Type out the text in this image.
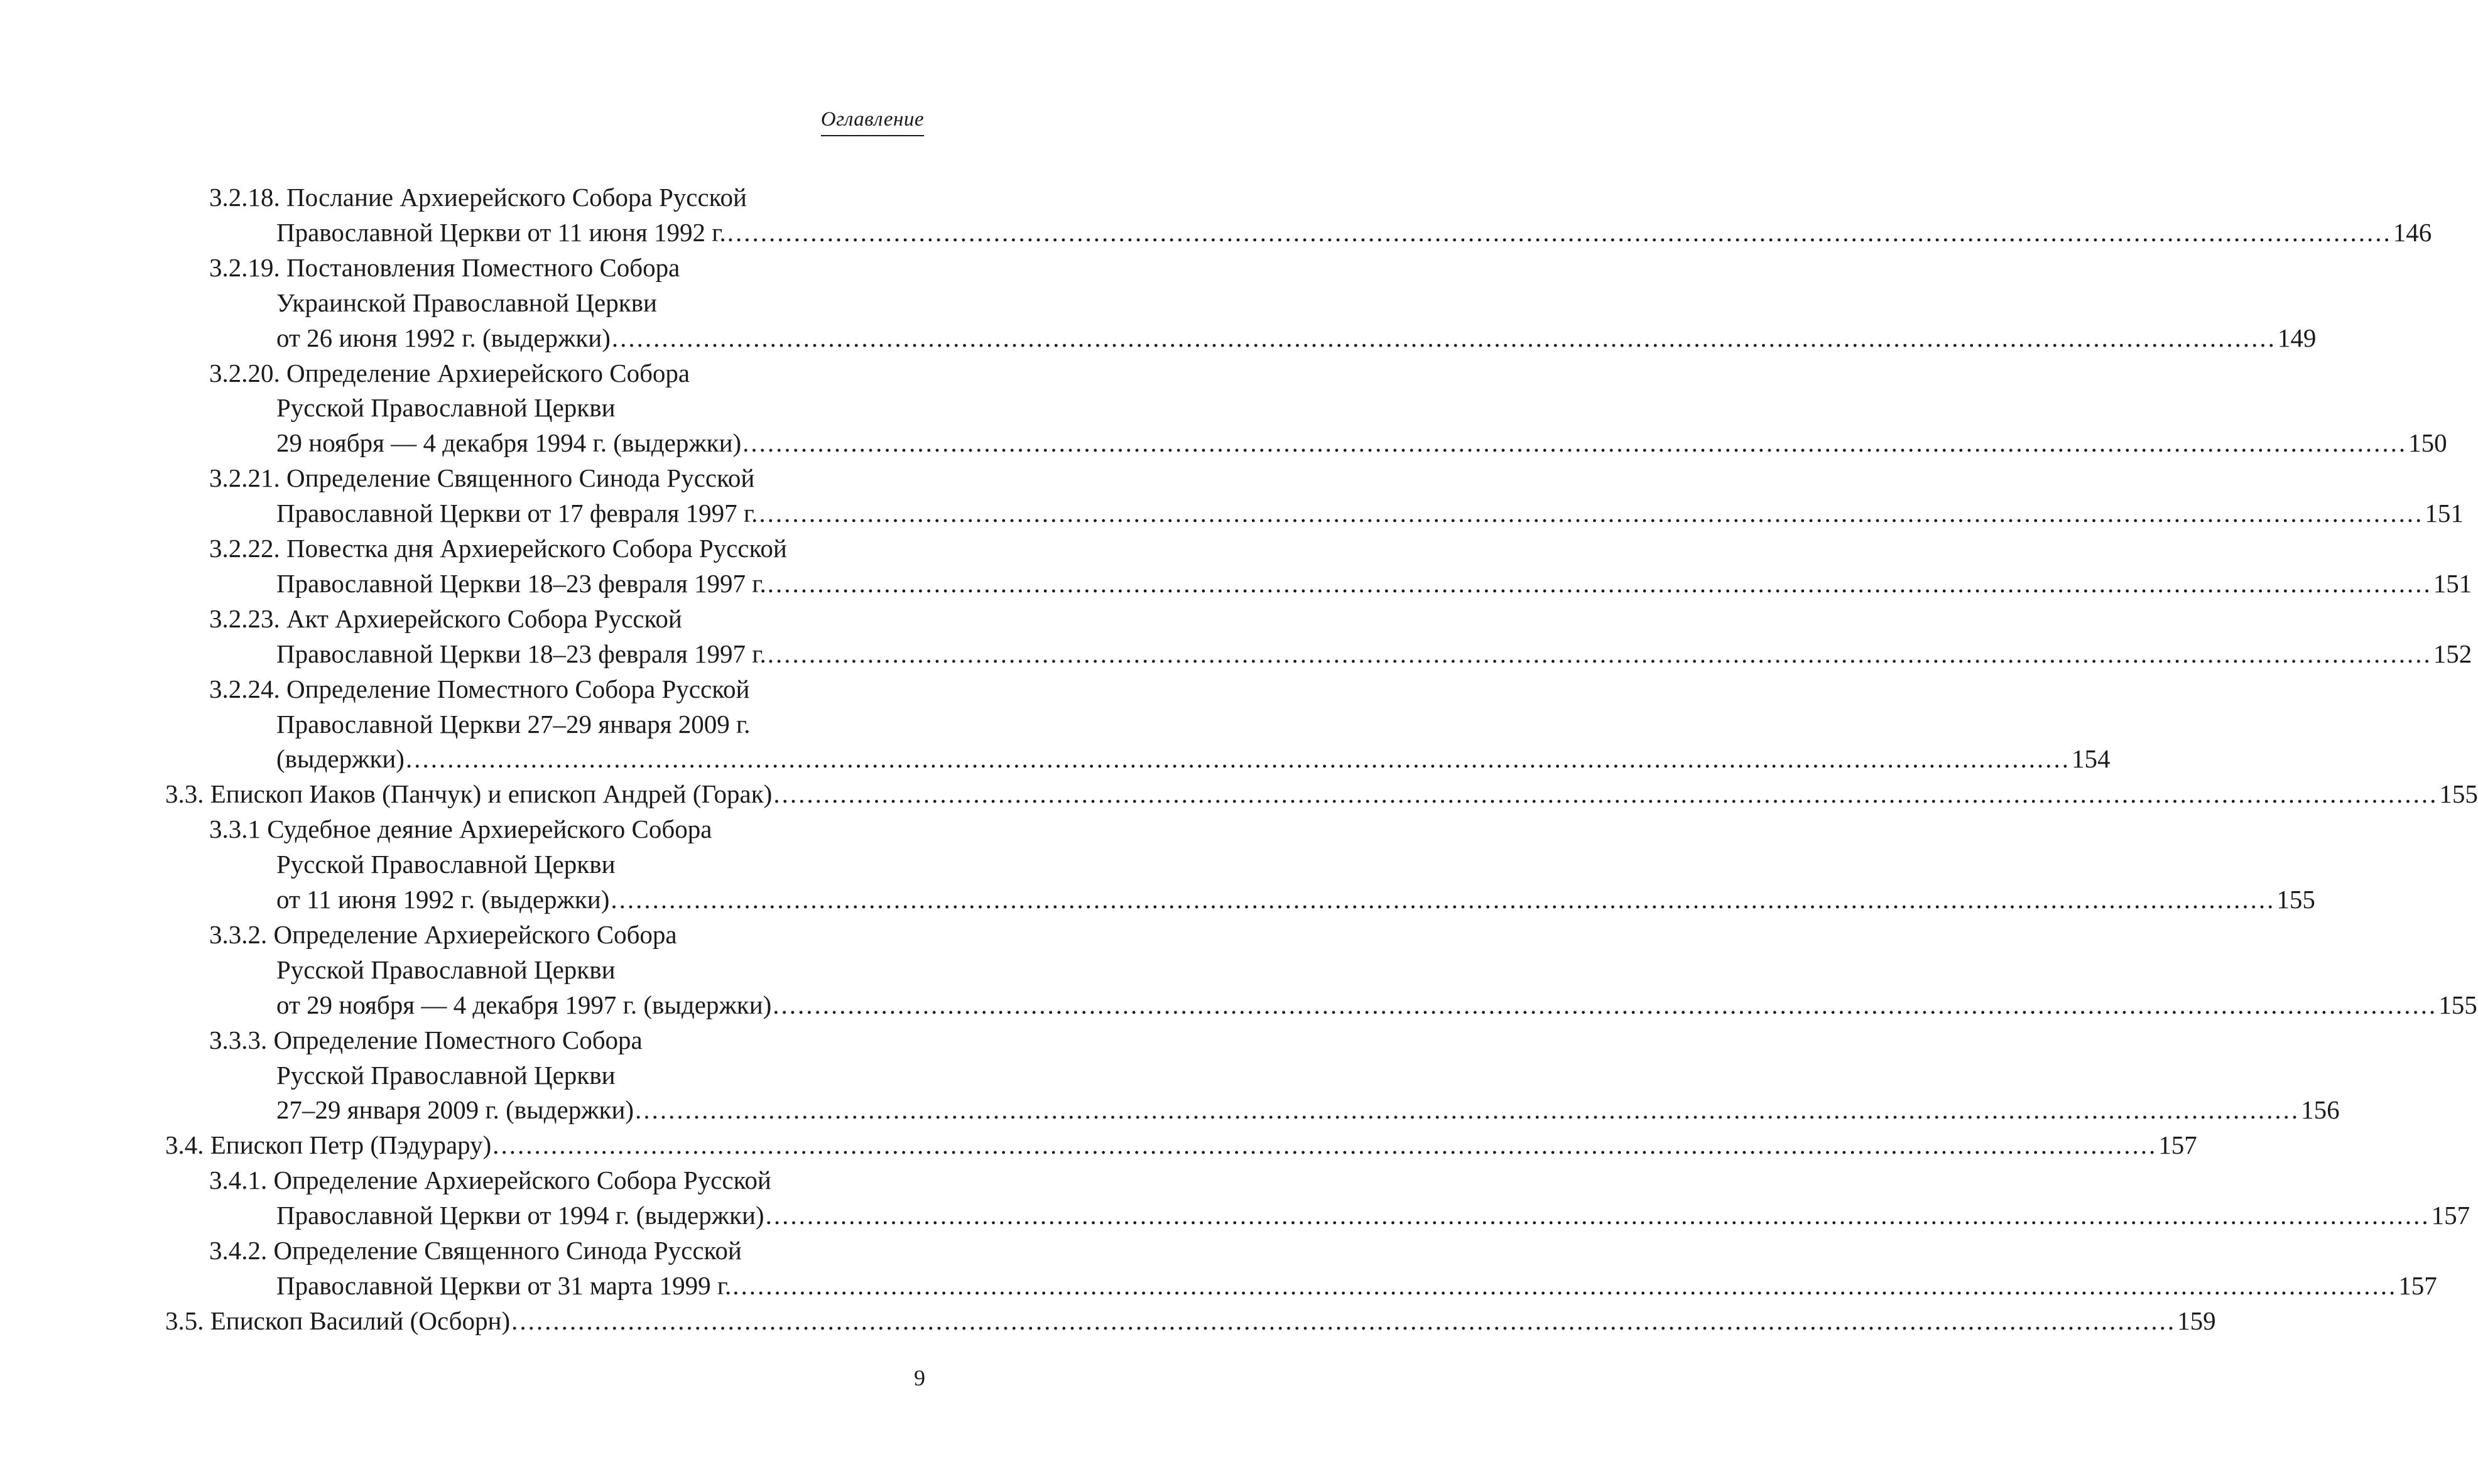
Оглавление
3.2.18. Послание Архиерейского Собора Русской
Православной Церкви от 11 июня 1992 г. ........................................................................................................................................................................................................ 146
3.2.19. Постановления Поместного Собора
Украинской Православной Церкви
от 26 июня 1992 г. (выдержки) ........................................................................................................................................................................................................ 149
3.2.20. Определение Архиерейского Собора
Русской Православной Церкви
29 ноября — 4 декабря 1994 г. (выдержки) ........................................................................................................................................................................................................ 150
3.2.21. Определение Священного Синода Русской
Православной Церкви от 17 февраля 1997 г. ........................................................................................................................................................................................................ 151
3.2.22. Повестка дня Архиерейского Собора Русской
Православной Церкви 18–23 февраля 1997 г. ........................................................................................................................................................................................................ 151
3.2.23. Акт Архиерейского Собора Русской
Православной Церкви 18–23 февраля 1997 г. ........................................................................................................................................................................................................ 152
3.2.24. Определение Поместного Собора Русской
Православной Церкви 27–29 января 2009 г.
(выдержки) ........................................................................................................................................................................................................ 154
3.3. Епископ Иаков (Панчук) и епископ Андрей (Горак) ........................................................................................................................................................................................................ 155
3.3.1 Судебное деяние Архиерейского Собора
Русской Православной Церкви
от 11 июня 1992 г. (выдержки) ........................................................................................................................................................................................................ 155
3.3.2. Определение Архиерейского Собора
Русской Православной Церкви
от 29 ноября — 4 декабря 1997 г. (выдержки) ........................................................................................................................................................................................................ 155
3.3.3. Определение Поместного Собора
Русской Православной Церкви
27–29 января 2009 г. (выдержки) ........................................................................................................................................................................................................ 156
3.4. Епископ Петр (Пэдурару) ........................................................................................................................................................................................................ 157
3.4.1. Определение Архиерейского Собора Русской
Православной Церкви от 1994 г. (выдержки) ........................................................................................................................................................................................................ 157
3.4.2. Определение Священного Синода Русской
Православной Церкви от 31 марта 1999 г. ........................................................................................................................................................................................................ 157
3.5. Епископ Василий (Осборн) ........................................................................................................................................................................................................ 159
9
